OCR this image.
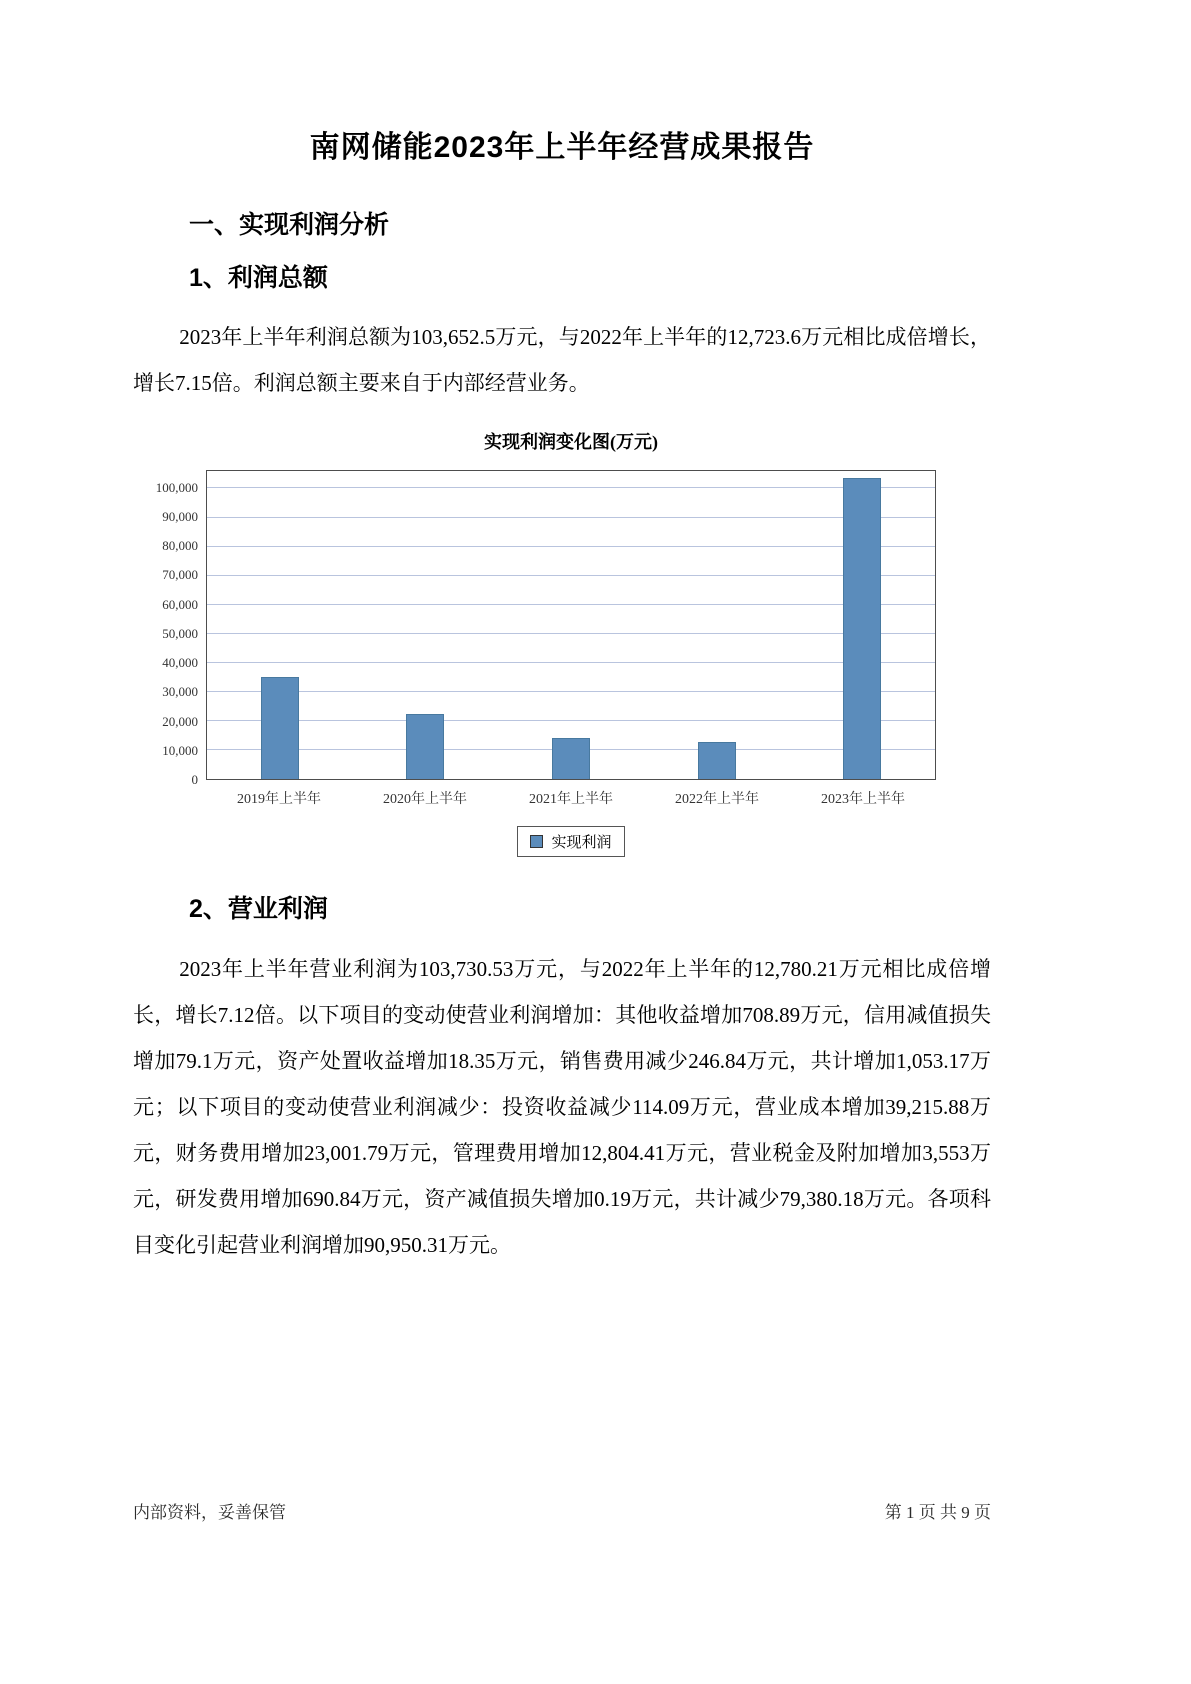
南网储能2023年上半年经营成果报告
一、实现利润分析
1、利润总额

2023年上半年利润总额为103,652.5万元，与2022年上半年的12,723.6万元相比成倍增长，增长7.15倍。利润总额主要来自于内部经营业务。

实现利润变化图(万元)
0
10,000
20,000
30,000
40,000
50,000
60,000
70,000
80,000
90,000
100,000
2019年上半年	2020年上半年	2021年上半年	2022年上半年	2023年上半年
实现利润
2、营业利润

2023年上半年营业利润为103,730.53万元，与2022年上半年的12,780.21万元相比成倍增长，增长7.12倍。以下项目的变动使营业利润增加：其他收益增加708.89万元，信用减值损失增加79.1万元，资产处置收益增加18.35万元，销售费用减少246.84万元，共计增加1,053.17万元；以下项目的变动使营业利润减少：投资收益减少114.09万元，营业成本增加39,215.88万元，财务费用增加23,001.79万元，管理费用增加12,804.41万元，营业税金及附加增加3,553万元，研发费用增加690.84万元，资产减值损失增加0.19万元，共计减少79,380.18万元。各项科目变化引起营业利润增加90,950.31万元。

内部资料，妥善保管	第 1 页 共 9 页
